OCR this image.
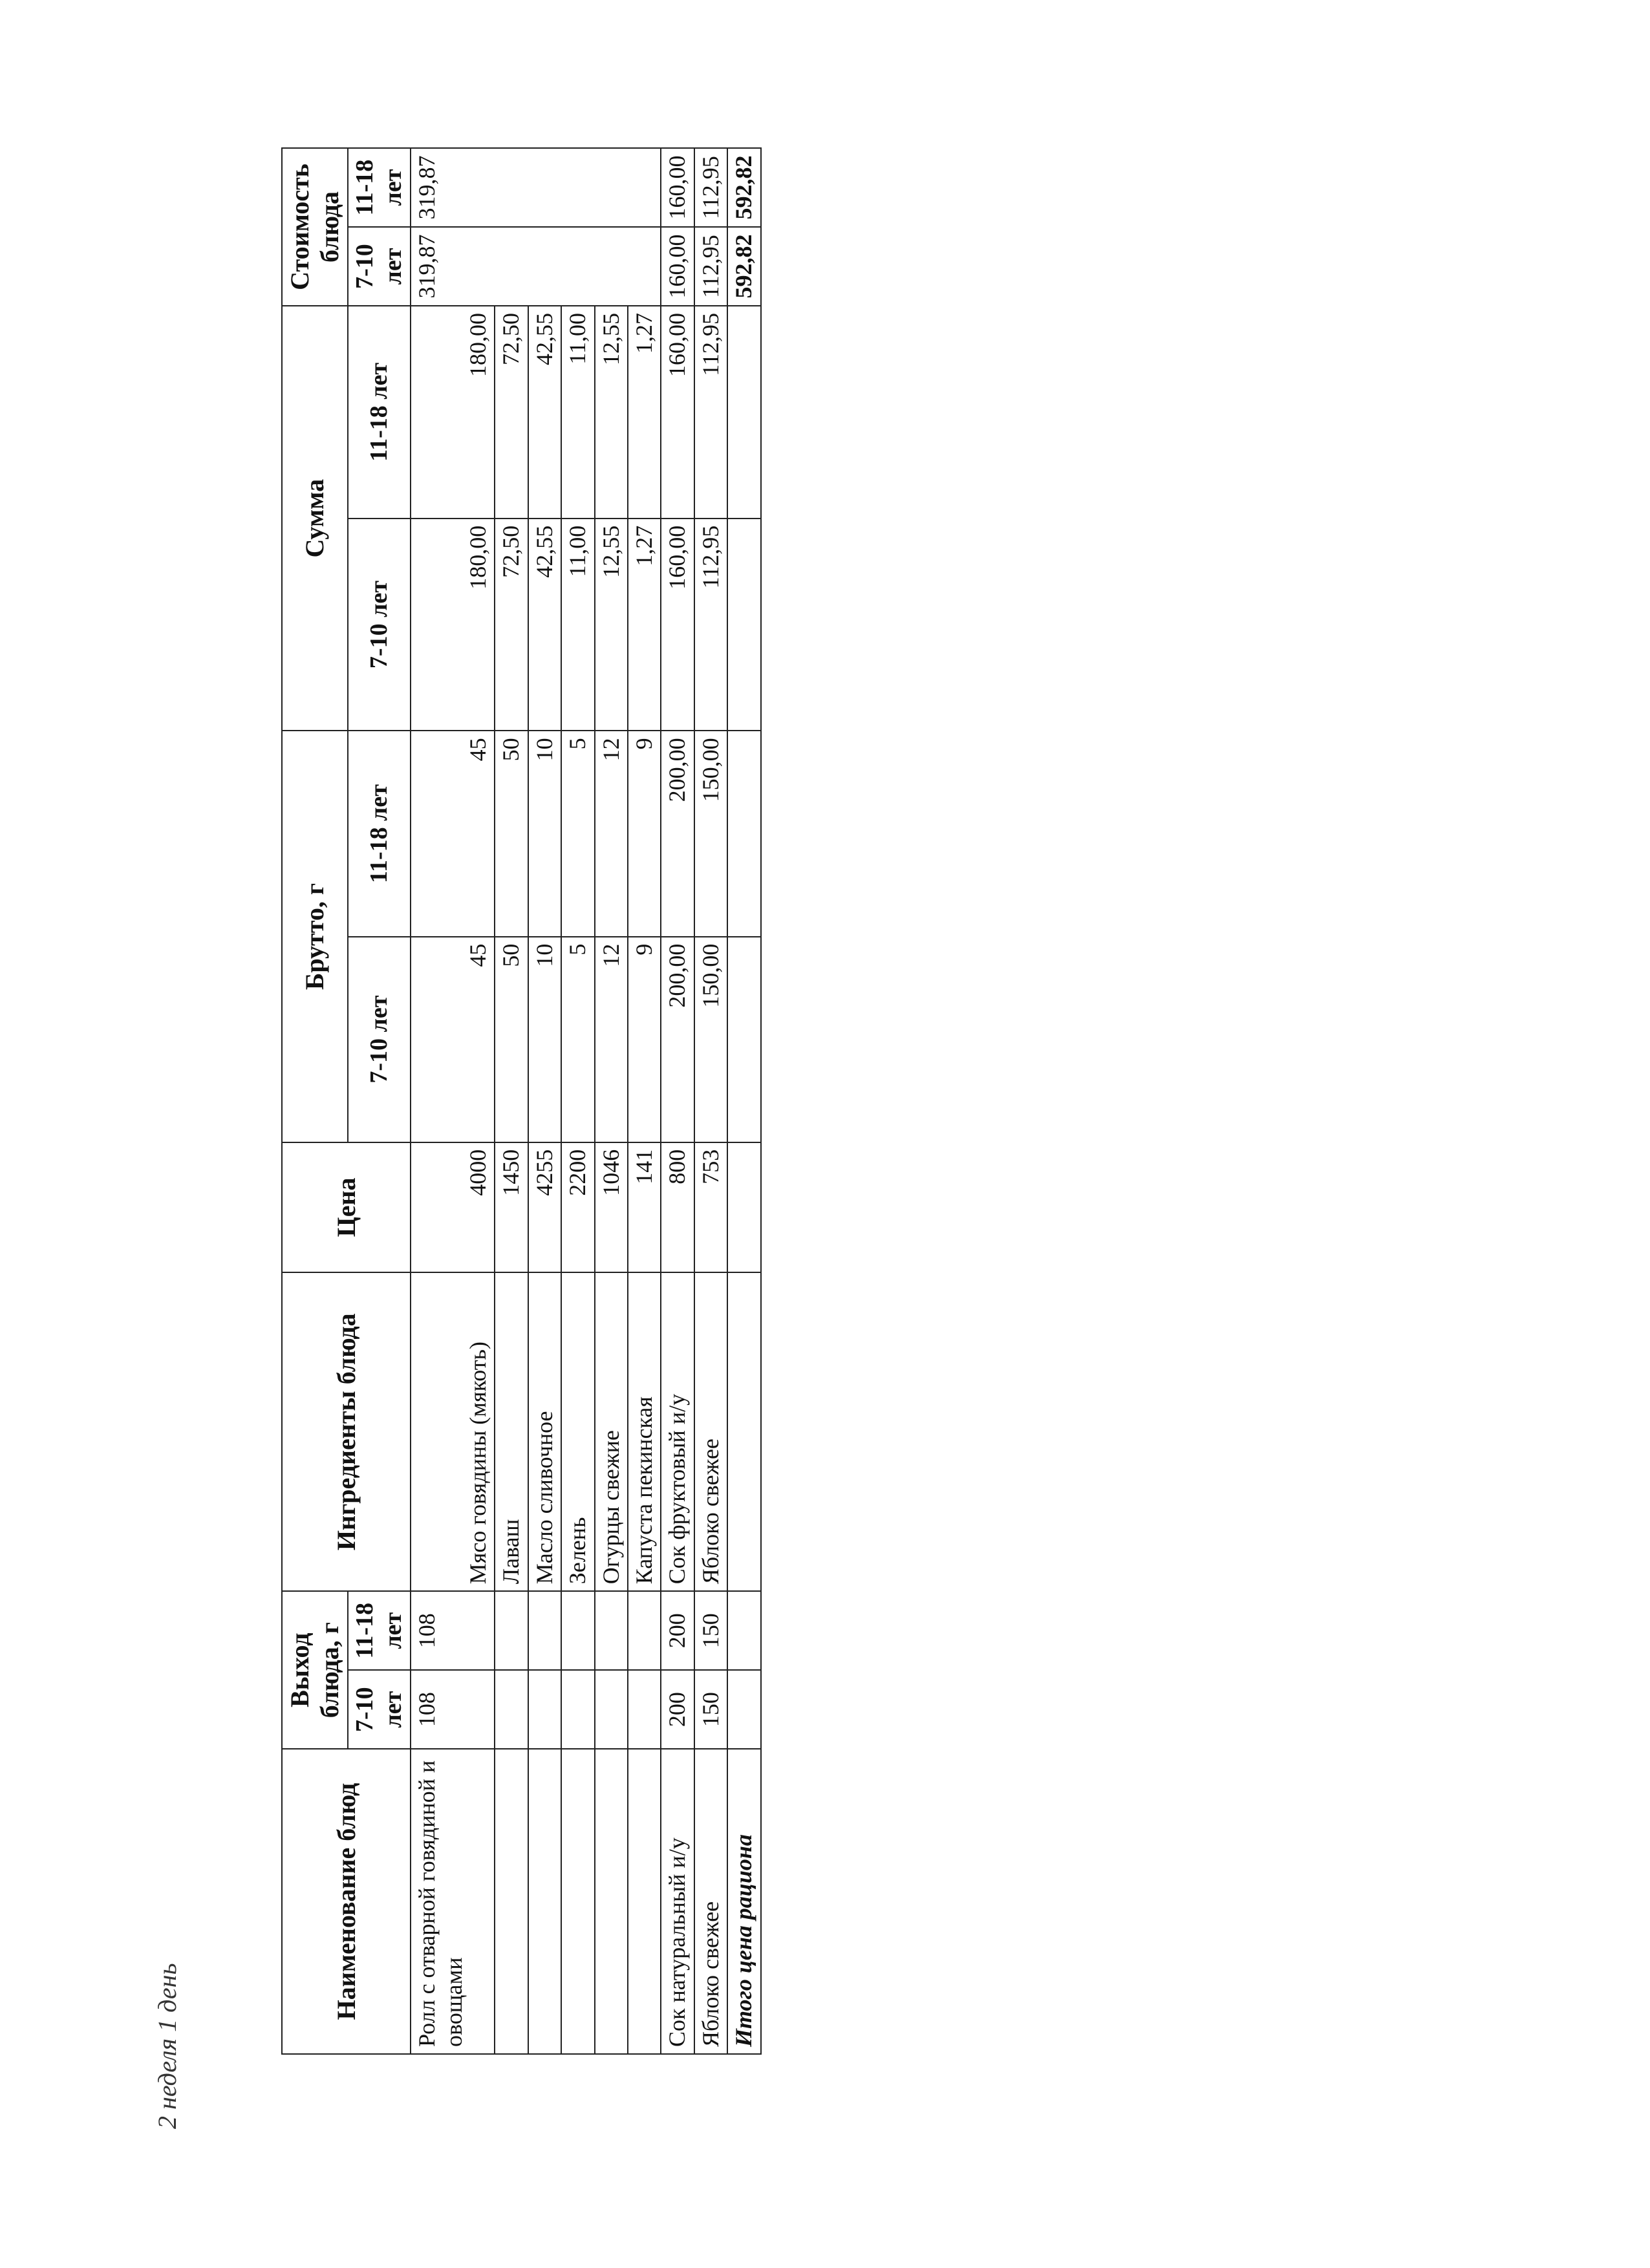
2 неделя 1 день
Наименование блюд	Выход блюда, г		Ингредиенты блюда	Цена	Брутто, г		Сумма		Стоимость блюда	
	7-10 лет	11-18 лет			7-10 лет	11-18 лет	7-10 лет	11-18 лет	7-10 лет	11-18 лет
Ролл с отварной говядиной и овощами	108	108	Мясо говядины (мякоть)	4000	45	45	180,00	180,00	319,87	319,87

			Лаваш	1450	50	50	72,50	72,50		
			Масло сливочное	4255	10	10	42,55	42,55		
			Зелень	2200	5	5	11,00	11,00		
			Огурцы свежие	1046	12	12	12,55	12,55		
			Капуста пекинская	141	9	9	1,27	1,27		
Сок натуральный и/у	200	200	Сок фруктовый и/у	800	200,00	200,00	160,00	160,00	160,00	160,00
Яблоко свежее	150	150	Яблоко свежее	753	150,00	150,00	112,95	112,95	112,95	112,95
Итого цена рациона									592,82	592,82
